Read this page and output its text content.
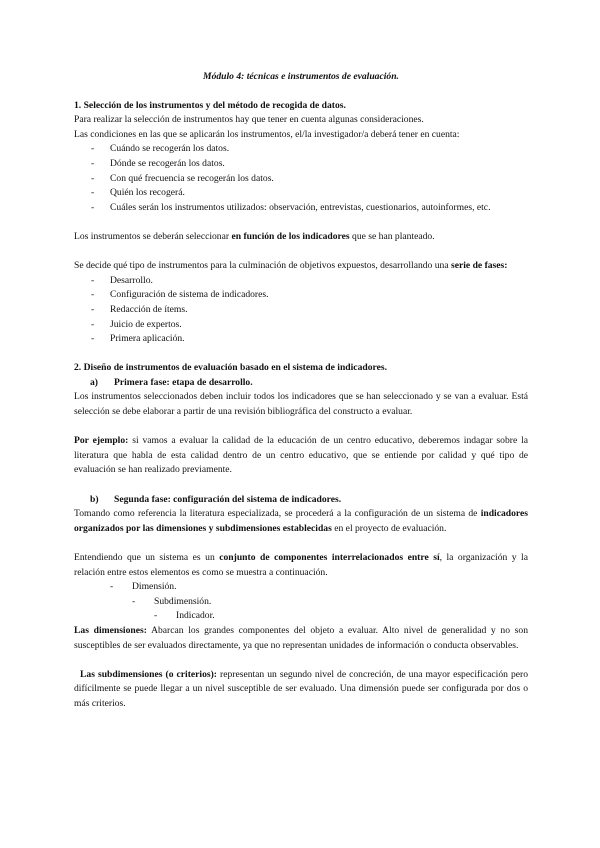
Módulo 4: técnicas e instrumentos de evaluación.

1. Selección de los instrumentos y del método de recogida de datos.

Para realizar la selección de instrumentos hay que tener en cuenta algunas consideraciones.

Las condiciones en las que se aplicarán los instrumentos, el/la investigador/a deberá tener en cuenta:

- Cuándo se recogerán los datos.
- Dónde se recogerán los datos.
- Con qué frecuencia se recogerán los datos.
- Quién los recogerá.
- Cuáles serán los instrumentos utilizados: observación, entrevistas, cuestionarios, autoinformes, etc.

Los instrumentos se deberán seleccionar en función de los indicadores que se han planteado.

Se decide qué tipo de instrumentos para la culminación de objetivos expuestos, desarrollando una serie de fases:

- Desarrollo.
- Configuración de sistema de indicadores.
- Redacción de ítems.
- Juicio de expertos.
- Primera aplicación.

2. Diseño de instrumentos de evaluación basado en el sistema de indicadores.

a) Primera fase: etapa de desarrollo.

Los instrumentos seleccionados deben incluir todos los indicadores que se han seleccionado y se van a evaluar. Está selección se debe elaborar a partir de una revisión bibliográfica del constructo a evaluar.

Por ejemplo: si vamos a evaluar la calidad de la educación de un centro educativo, deberemos indagar sobre la literatura que habla de esta calidad dentro de un centro educativo, que se entiende por calidad y qué tipo de evaluación se han realizado previamente.

b) Segunda fase: configuración del sistema de indicadores.

Tomando como referencia la literatura especializada, se procederá a la configuración de un sistema de indicadores organizados por las dimensiones y subdimensiones establecidas en el proyecto de evaluación.

Entendiendo que un sistema es un conjunto de componentes interrelacionados entre sí, la organización y la relación entre estos elementos es como se muestra a continuación.

- Dimensión.

- Subdimensión.

- Indicador.

Las dimensiones: Abarcan los grandes componentes del objeto a evaluar. Alto nivel de generalidad y no son susceptibles de ser evaluados directamente, ya que no representan unidades de información o conducta observables.

Las subdimensiones (o criterios): representan un segundo nivel de concreción, de una mayor especificación pero difícilmente se puede llegar a un nivel susceptible de ser evaluado. Una dimensión puede ser configurada por dos o más criterios.
